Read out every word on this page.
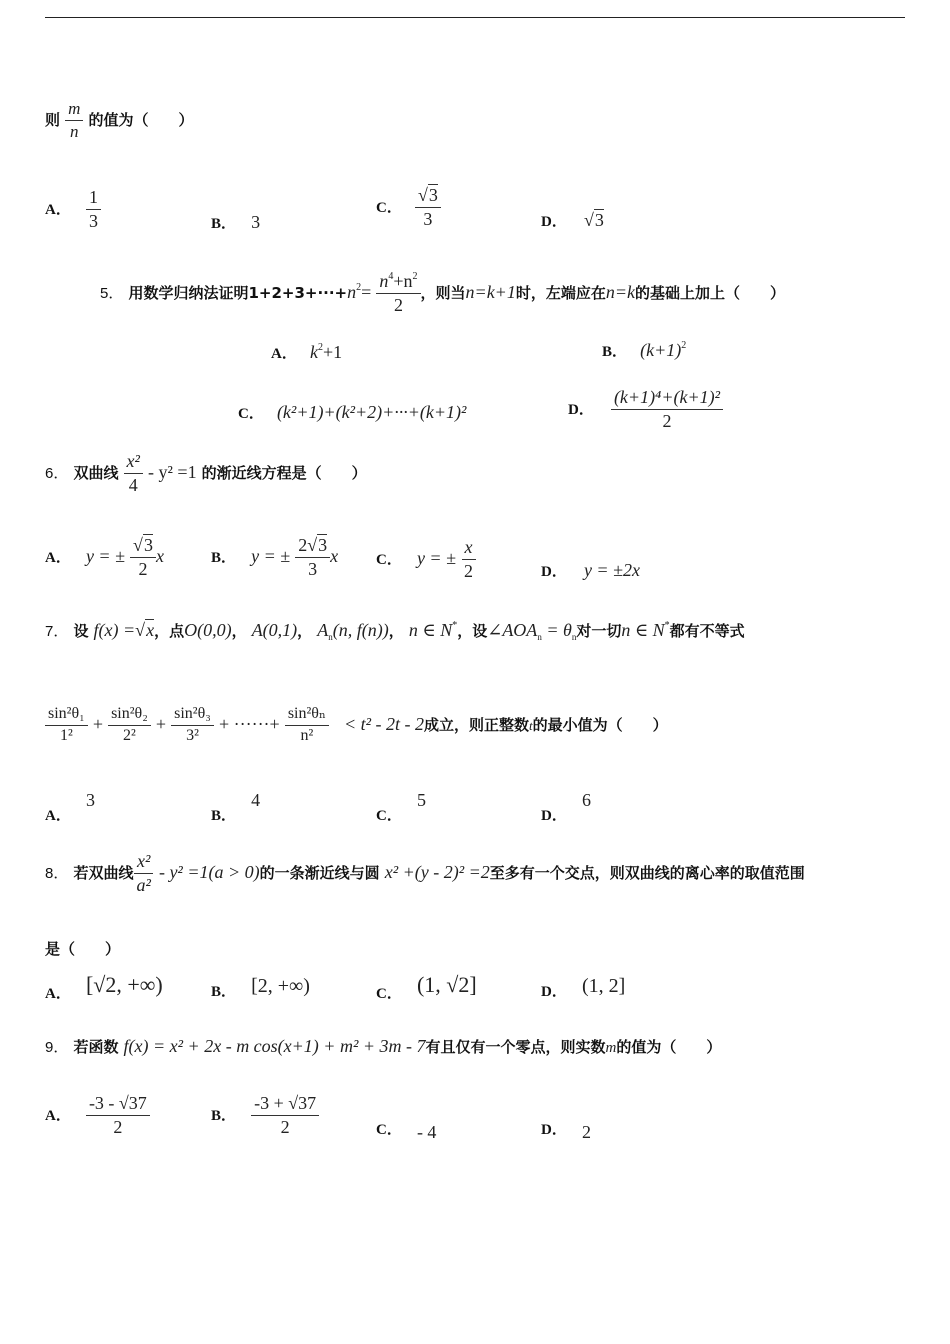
则 $\frac{m}{n}$ 的值为（　　）
A． $\frac{1}{3}$	B． 3
C． $\frac{√3}{3}$	D． √3
5． 用数学归纳法证明$1+2+3+\cdot\cdot\cdot+n^2= \frac{n^4+n^2}{2}$ ，则当n=k+1时，左端应在n=k的基础上加上（　　）
A． $k^2+1$	B． $(k+1)^2$
C． (k²+1)+(k²+2)+···+(k+1)²	D． $\frac{\text{(k+1)⁴+(k+1)²}}{2}$
6． 双曲线 $\frac{\text{x²}}{4} - y^2 =1$ 的渐近线方程是（　　）
A． y = ± $\frac{√3}{2}$ x	B． y = ± $\frac{2√3}{3}$ x	C． y = ± $\frac{x}{2}$	D． y = ±2x
7． 设 f(x) =√x，点O(0,0)， A(0,1)， $A_n(n$, f(n))， n ∈ N*，设$\angle AOA_n = \theta_n$对一切n ∈ N*都有不等式
$\frac{\text{sin²θ₁}}{\text{1²}} + \frac{\text{sin²θ₂}}{\text{2²}} + \frac{\text{sin²θ₃}}{\text{3²}}$ + ······+ $\frac{\text{sin²θₙ}}{\text{n²}} < t^2 - 2t - 2$成立，则正整数t的最小值为（　　）
A． 3
B． 4
C． 5
D． 6
8． 若双曲线 $\frac{\text{x²}}{\text{a²}} - y^2 =1(a > 0)$的一条渐近线与圆 x² +(y - 2)² =2至多有一个交点，则双曲线的离心率的取值范围
是（　　）
A． [√2, +∞)	B． [2, +∞)	C． (1, √2]	D． (1, 2]
9． 若函数 f(x) = x² + 2x - m cos(x+1) + m² + 3m - 7有且仅有一个零点，则实数m的值为（　　）
A． $\frac{-3 - √37}{2}$	B． $\frac{-3 + √37}{2}$	C． - 4	D． 2
